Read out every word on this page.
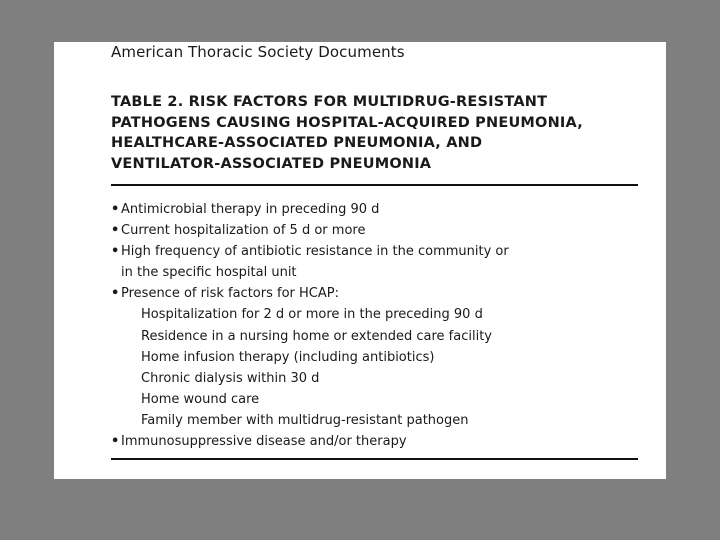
American Thoracic Society Documents
TABLE 2. RISK FACTORS FOR MULTIDRUG-RESISTANT
PATHOGENS CAUSING HOSPITAL-ACQUIRED PNEUMONIA,
HEALTHCARE-ASSOCIATED PNEUMONIA, AND
VENTILATOR-ASSOCIATED PNEUMONIA
• Antimicrobial therapy in preceding 90 d
• Current hospitalization of 5 d or more
• High frequency of antibiotic resistance in the community or
in the specific hospital unit
• Presence of risk factors for HCAP:
Hospitalization for 2 d or more in the preceding 90 d
Residence in a nursing home or extended care facility
Home infusion therapy (including antibiotics)
Chronic dialysis within 30 d
Home wound care
Family member with multidrug-resistant pathogen
• Immunosuppressive disease and/or therapy
